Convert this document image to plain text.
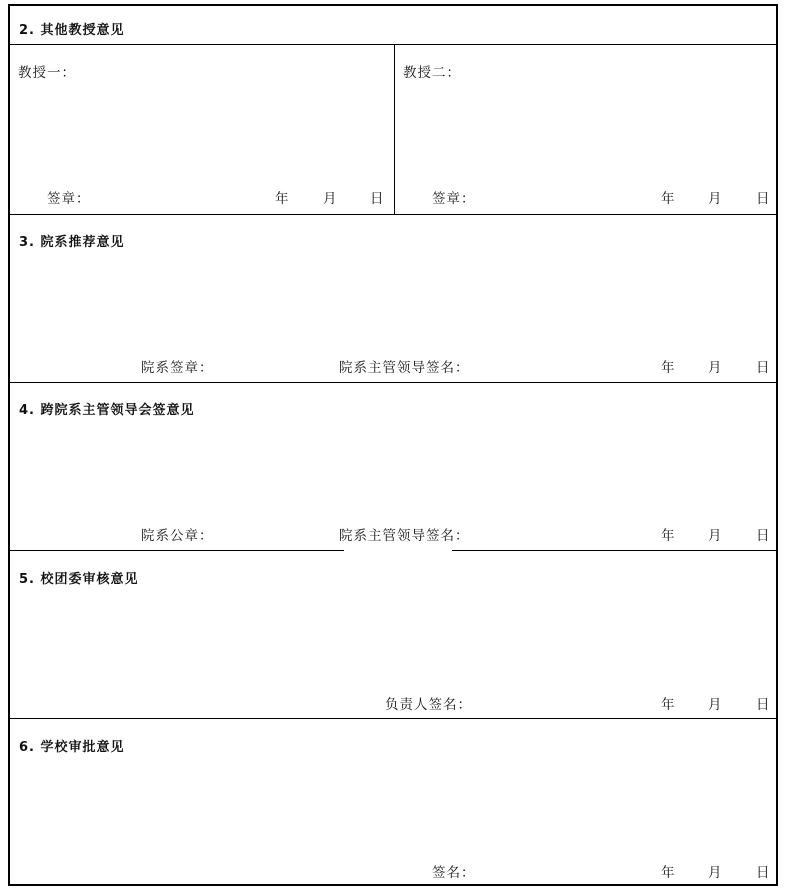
2. 其他教授意见
教授一：
签章：	年 月 日
教授二：
签章：	年 月 日
3. 院系推荐意见
院系签章：	院系主管领导签名：	年 月 日
4. 跨院系主管领导会签意见
院系公章：	院系主管领导签名：	年 月 日
5. 校团委审核意见
负责人签名：	年 月 日
6. 学校审批意见
签名：	年 月 日
